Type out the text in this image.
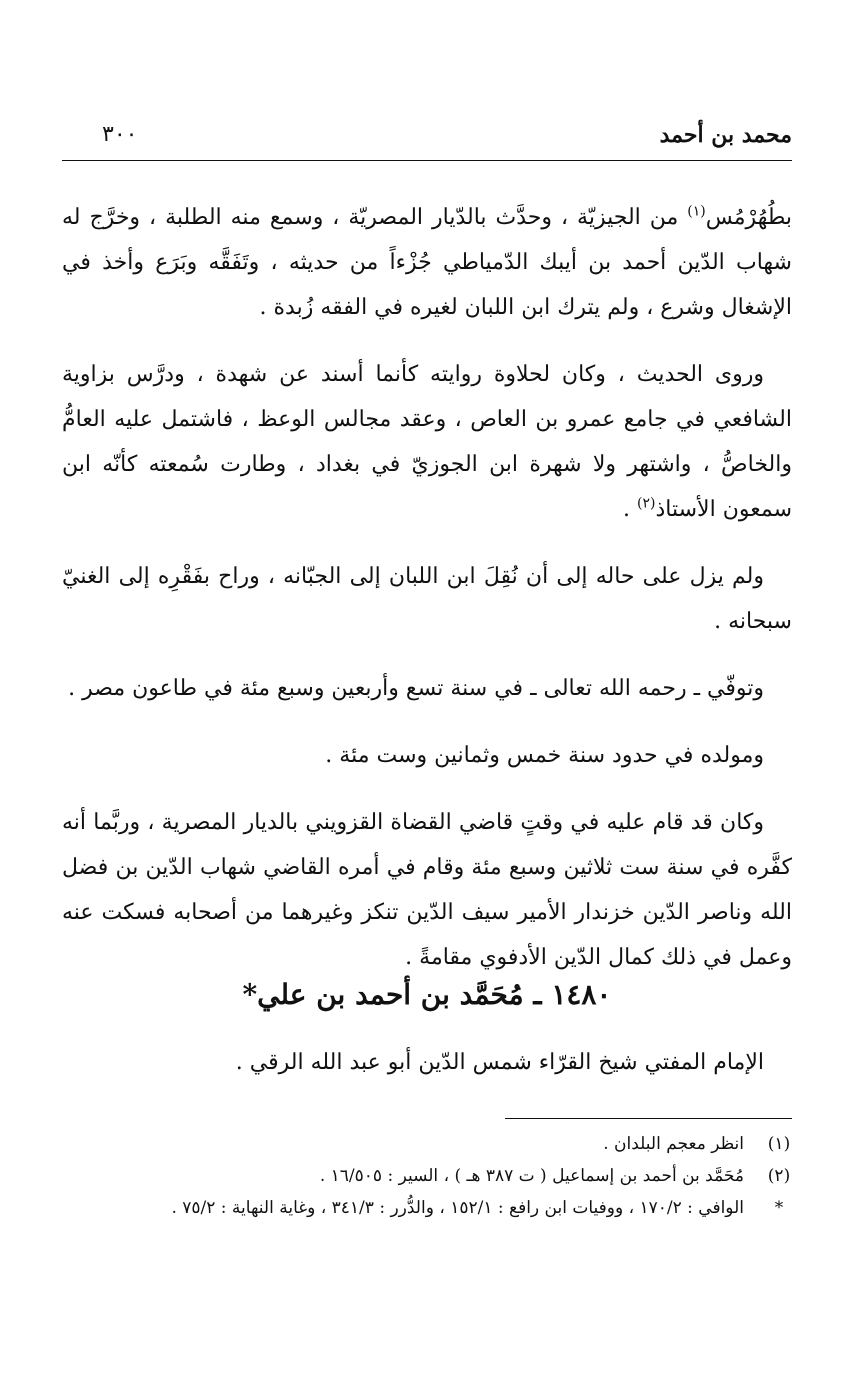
محمد بن أحمد
٣٠٠

بطُهُرْمُس$^{(١)}$ من الجيزيّة ، وحدَّث بالدّيار المصريّة ، وسمع منه الطلبة ، وخرَّج له شهاب الدّين أحمد بن أيبك الدّمياطي جُزْءاً من حديثه ، وتَفَقَّه وبَرَع وأخذ في الإشغال وشرع ، ولم يترك ابن اللبان لغيره في الفقه زُبدة .

وروى الحديث ، وكان لحلاوة روايته كأنما أسند عن شهدة ، ودرَّس بزاوية الشافعي في جامع عمرو بن العاص ، وعقد مجالس الوعظ ، فاشتمل عليه العامُّ والخاصُّ ، واشتهر ولا شهرة ابن الجوزيّ في بغداد ، وطارت سُمعته كأنّه ابن سمعون الأستاذ$^{(٢)}$ .

ولم يزل على حاله إلى أن نُقِلَ ابن اللبان إلى الجبّانه ، وراح بفَقْرِه إلى الغنيّ سبحانه .

وتوفّي ـ رحمه الله تعالى ـ في سنة تسع وأربعين وسبع مئة في طاعون مصر .

ومولده في حدود سنة خمس وثمانين وست مئة .

وكان قد قام عليه في وقتٍ قاضي القضاة القزويني بالديار المصرية ، وربَّما أنه كفَّره في سنة ست ثلاثين وسبع مئة وقام في أمره القاضي شهاب الدّين بن فضل الله وناصر الدّين خزندار الأمير سيف الدّين تنكز وغيرهما من أصحابه فسكت عنه وعمل في ذلك كمال الدّين الأدفوي مقامةً .

١٤٨٠ ـ مُحَمَّد بن أحمد بن علي*
الإمام المفتي شيخ القرّاء شمس الدّين أبو عبد الله الرقي .
(١)
انظر معجم البلدان .
(٢)
مُحَمَّد بن أحمد بن إسماعيل ( ت ٣٨٧ هـ ) ، السير : ١٦/٥٠٥ .
*
الوافي : ١٧٠/٢ ، ووفيات ابن رافع : ١٥٢/١ ، والدُّرر : ٣٤١/٣ ، وغاية النهاية : ٧٥/٢ .
